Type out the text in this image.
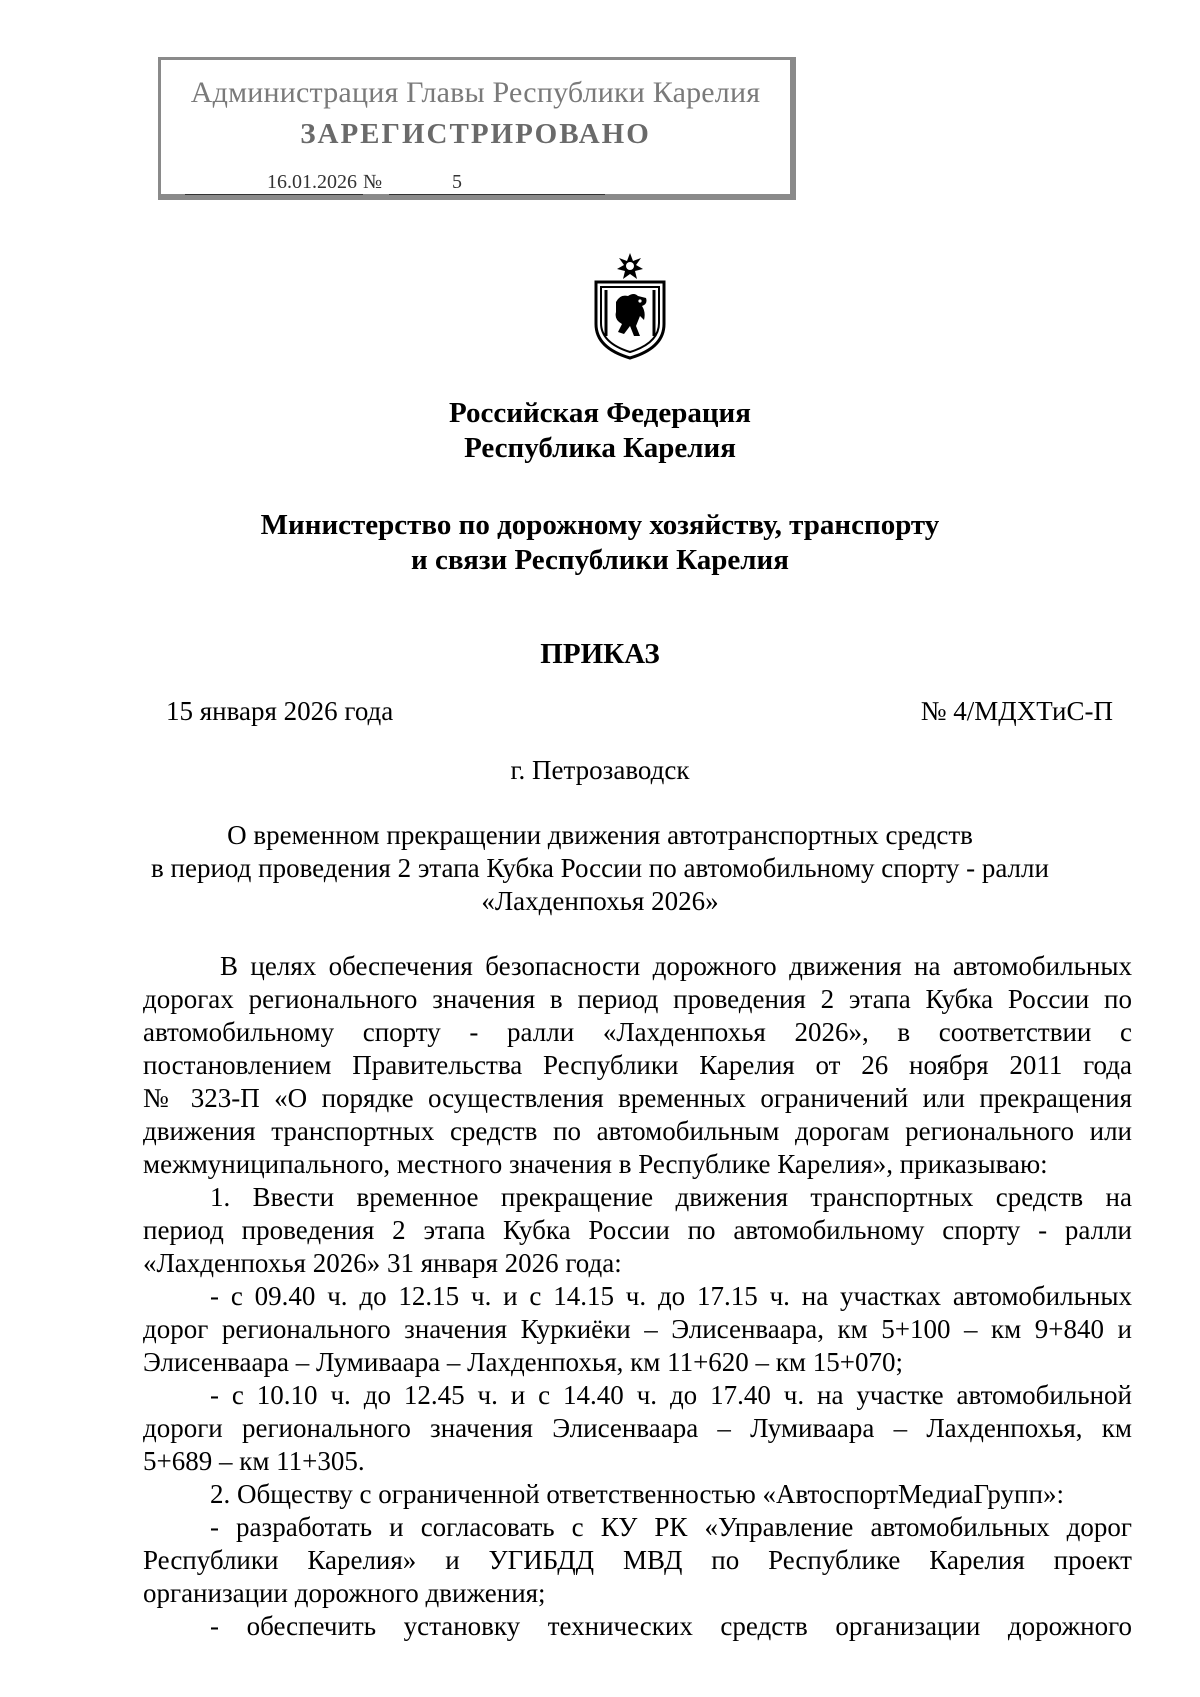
Администрация Главы Республики Карелия
ЗАРЕГИСТРИРОВАНО
16.01.2026 №	5
Российская Федерация
Республика Карелия
Министерство по дорожному хозяйству, транспорту
и связи Республики Карелия
ПРИКАЗ
15 января 2026 года	№ 4/МДХТиС-П
г. Петрозаводск
О временном прекращении движения автотранспортных средств
в период проведения 2 этапа Кубка России по автомобильному спорту - ралли
«Лахденпохья 2026»
В целях обеспечения безопасности дорожного движения на автомобильных
дорогах регионального значения в период проведения 2 этапа Кубка России по
автомобильному спорту - ралли «Лахденпохья 2026», в соответствии с
постановлением Правительства Республики Карелия от 26 ноября 2011 года
№ 323-П «О порядке осуществления временных ограничений или прекращения
движения транспортных средств по автомобильным дорогам регионального или
межмуниципального, местного значения в Республике Карелия», приказываю:
1. Ввести временное прекращение движения транспортных средств на
период проведения 2 этапа Кубка России по автомобильному спорту - ралли
«Лахденпохья 2026» 31 января 2026 года:
- с 09.40 ч. до 12.15 ч. и с 14.15 ч. до 17.15 ч. на участках автомобильных
дорог регионального значения Куркиёки – Элисенваара, км 5+100 – км 9+840 и
Элисенваара – Лумиваара – Лахденпохья, км 11+620 – км 15+070;
- с 10.10 ч. до 12.45 ч. и с 14.40 ч. до 17.40 ч. на участке автомобильной
дороги регионального значения Элисенваара – Лумиваара – Лахденпохья, км
5+689 – км 11+305.
2. Обществу с ограниченной ответственностью «АвтоспортМедиаГрупп»:
- разработать и согласовать с КУ РК «Управление автомобильных дорог
Республики Карелия» и УГИБДД МВД по Республике Карелия проект
организации дорожного движения;
- обеспечить установку технических средств организации дорожного
